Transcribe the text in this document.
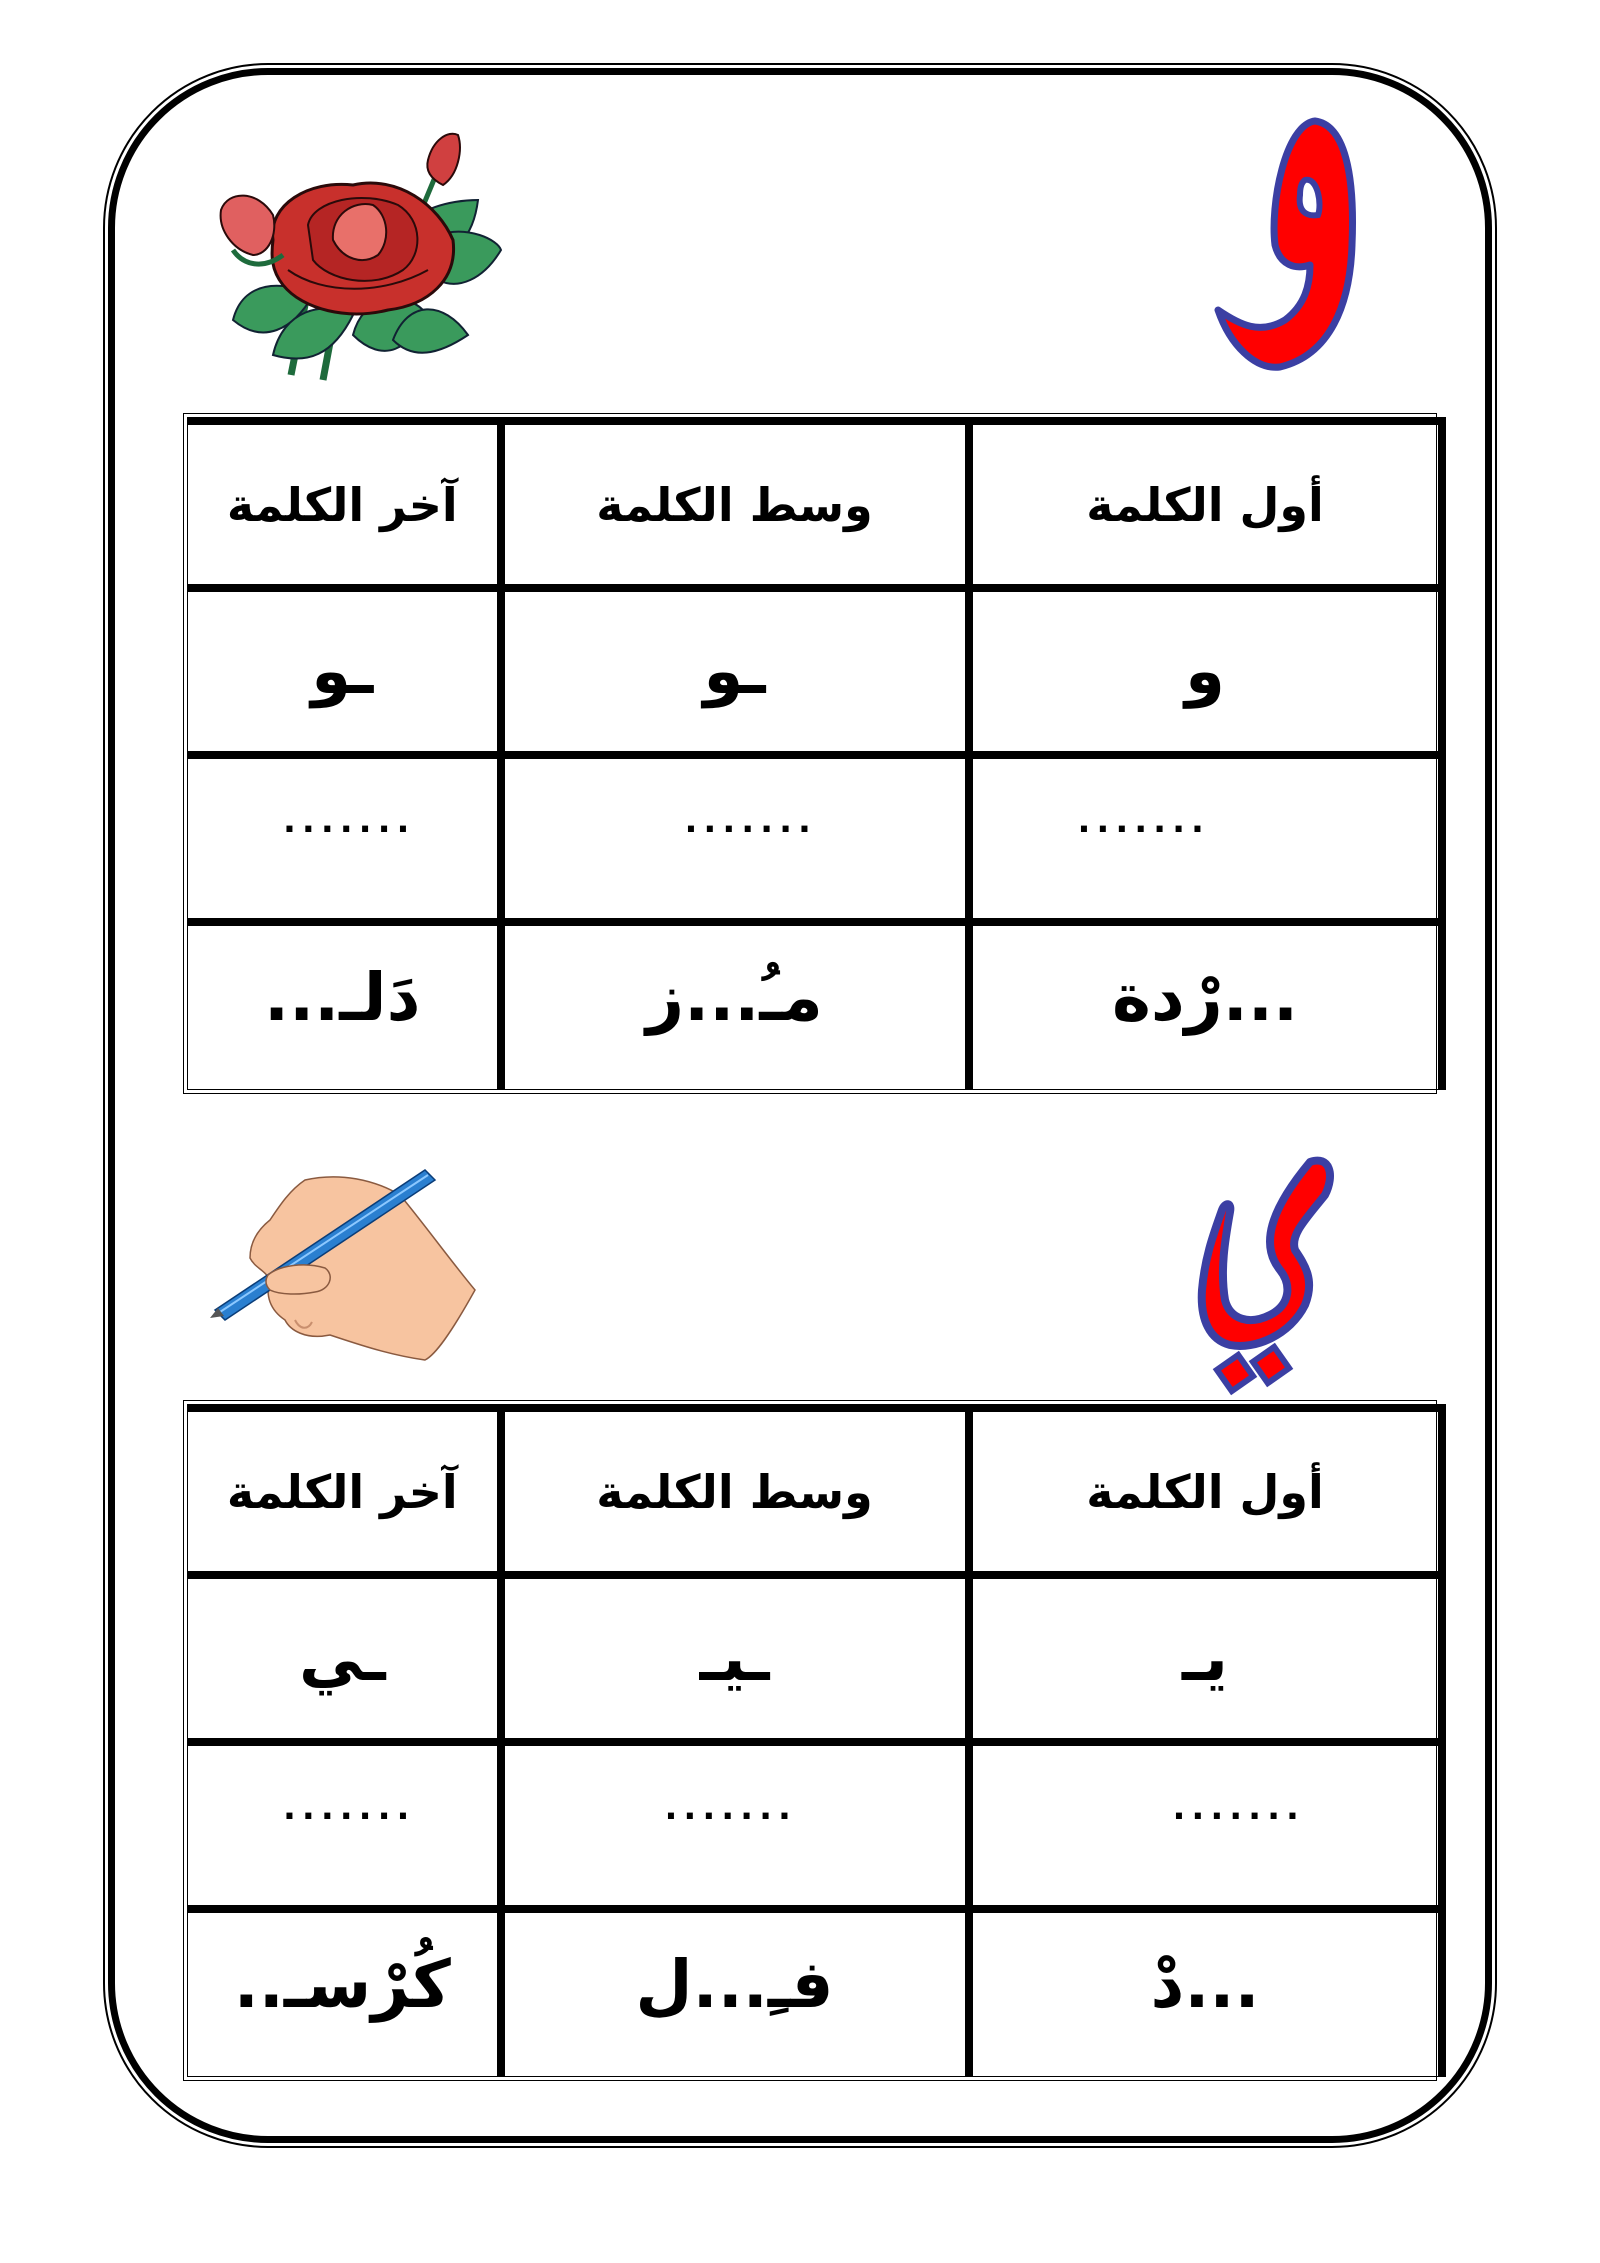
أول الكلمة	وسط الكلمة	آخر الكلمة
و	ـو	ـو

.......	.......	.......

...رْدة	مـُ...ز	دَلـ...
أول الكلمة	وسط الكلمة	آخر الكلمة
يـ	ـيـ	ـي

.......	.......	.......

...دْ	فـِ...ل	كُرْسـ..
